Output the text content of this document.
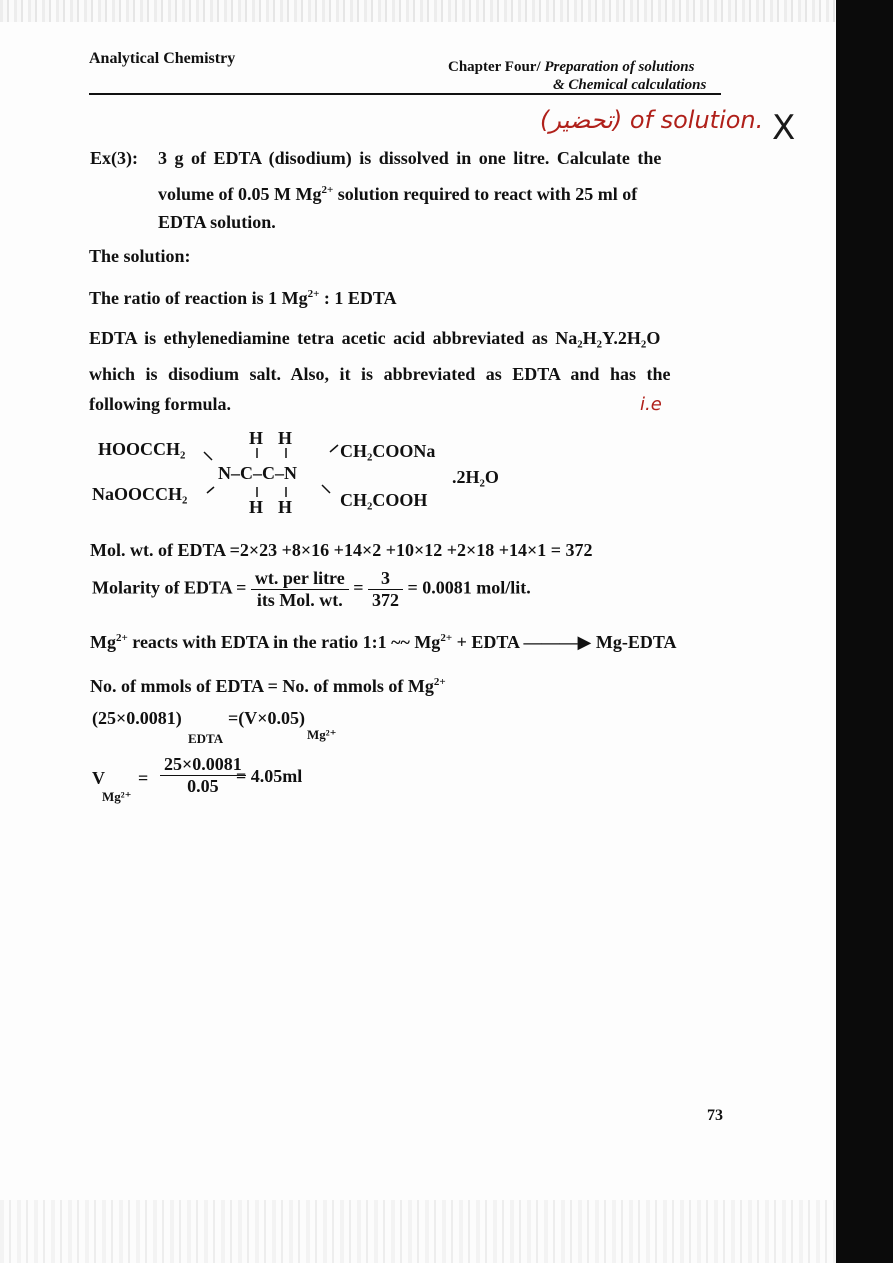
Analytical Chemistry	Chapter Four/ Preparation of solutions
& Chemical calculations
(تحضير) of solution. X
i.e
Ex(3): 3 g of EDTA (disodium) is dissolved in one litre. Calculate the
volume of 0.05 M $Mg^{2+}$ solution required to react with 25 ml of
EDTA solution.
The solution:
The ratio of reaction is 1 $Mg^{2+}$ : 1 EDTA
EDTA is ethylenediamine tetra acetic acid abbreviated as Na₂H₂Y.2H₂O
which is disodium salt. Also, it is abbreviated as EDTA and has the
following formula.
HOOCCH₂
NaOOCCH₂
CH₂COONa
CH₂COOH
N–C–C–N
H H
H H
.2H₂O
Mol. wt. of EDTA =2×23 +8×16 +14×2 +10×12 +2×18 +14×1 = 372
Molarity of EDTA = $\frac{\text{wt. per litre}}{\text{its Mol. wt.}} = \frac{3}{372} = 0.0081$ mol/lit.
$Mg^{2+}$ reacts with EDTA in the ratio 1:1 ~~ $Mg^{2+}$ + EDTA ———▶ Mg-EDTA
No. of mmols of EDTA = No. of mmols of $Mg^{2+}$
(25×0.0081)	=(V×0.05)
EDTA	Mg²⁺
V
Mg²⁺
= $\frac{25\times 0.0081}{0.05}$
= 4.05ml
73
